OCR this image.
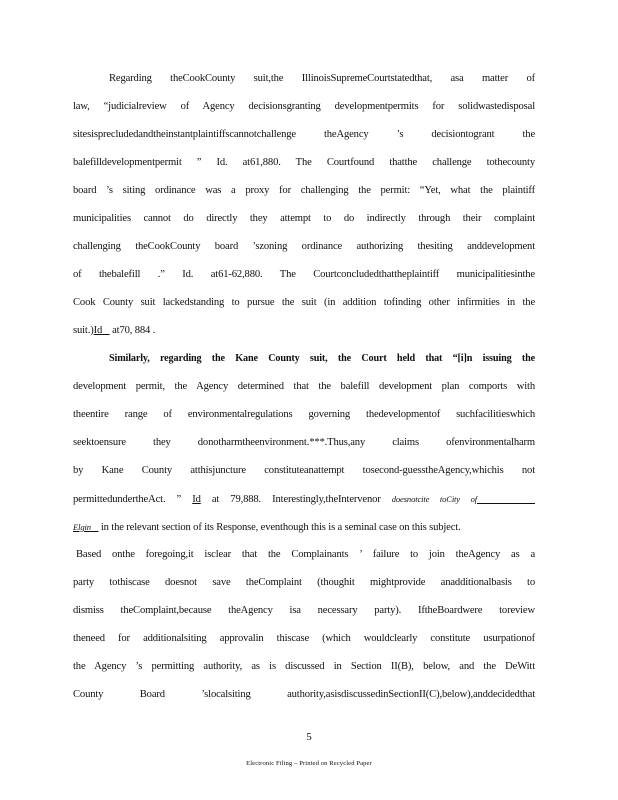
Regarding theCookCounty suit,the IllinoisSupremeCourtstatedthat, asa matter of
law, “judicialreview of Agency decisionsgranting developmentpermits for solidwastedisposal
sitesisprecludedandtheinstantplaintiffscannotchallenge theAgency ’s decisiontogrant the
balefilldevelopmentpermit ” Id. at61,880. The Courtfound thatthe challenge tothecounty
board ’s siting ordinance was a proxy for challenging the permit: “Yet, what the plaintiff
municipalities cannot do directly they attempt to do indirectly through their complaint
challenging theCookCounty board ’szoning ordinance authorizing thesiting anddevelopment
of thebalefill .” Id. at61-62,880. The Courtconcludedthattheplaintiff municipalitiesinthe
Cook County suit lackedstanding to pursue the suit (in addition tofinding other infirmities in the
suit.)Id    at70, 884 .
Similarly, regarding the Kane County suit, the Court held that “[i]n issuing the
development permit, the Agency determined that the balefill development plan comports with
theentire range of environmentalregulations governing thedevelopmentof suchfacilitieswhich
seektoensure they donotharmtheenvironment.***.Thus,any claims ofenvironmentalharm
by Kane County atthisjuncture constituteanattempt tosecond-guesstheAgency,whichis not
permittedundertheAct. ” Id at 79,888. Interestingly,theIntervenor doesnotcite toCity of
Elgin    in the relevant section of its Response, eventhough this is a seminal case on this subject.
Based onthe foregoing,it isclear that the Complainants ’ failure to join theAgency as a
party tothiscase doesnot save theComplaint (thoughit mightprovide anadditionalbasis to
dismiss theComplaint,because theAgency isa necessary party). IftheBoardwere toreview
theneed for additionalsiting approvalin thiscase (which wouldclearly constitute usurpationof
the Agency ’s permitting authority, as is discussed in Section II(B), below, and the DeWitt
County Board ’slocalsiting authority,asisdiscussedinSectionII(C),below),anddecidedthat
5
Electronic Filing – Printed on Recycled Paper
